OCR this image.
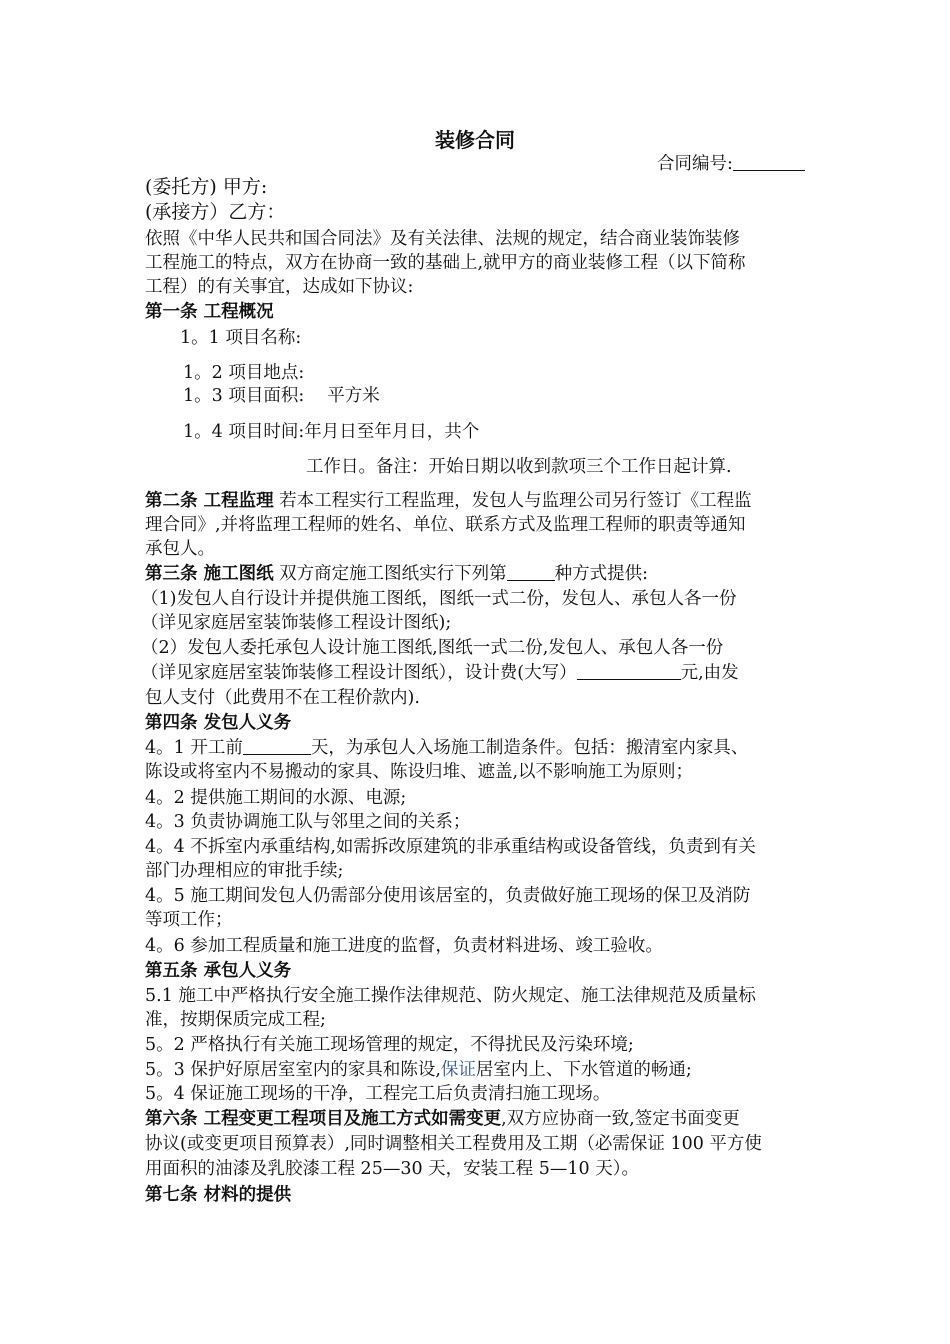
装修合同
合同编号:
(委托方) 甲方:
(承接方）乙方：
依照《中华人民共和国合同法》及有关法律、法规的规定，结合商业装饰装修
工程施工的特点，双方在协商一致的基础上,就甲方的商业装修工程（以下简称
工程）的有关事宜，达成如下协议:
第一条 工程概况
1。1 项目名称:
1。2 项目地点:
1。3 项目面积:　 平方米
1。4 项目时间:年月日至年月日，共个
工作日。备注：开始日期以收到款项三个工作日起计算.
第二条 工程监理 若本工程实行工程监理，发包人与监理公司另行签订《工程监
理合同》,并将监理工程师的姓名、单位、联系方式及监理工程师的职责等通知
承包人。
第三条 施工图纸 双方商定施工图纸实行下列第	种方式提供:
（1)发包人自行设计并提供施工图纸，图纸一式二份，发包人、承包人各一份
（详见家庭居室装饰装修工程设计图纸);
（2）发包人委托承包人设计施工图纸,图纸一式二份,发包人、承包人各一份
（详见家庭居室装饰装修工程设计图纸），设计费(大写）	元,由发
包人支付（此费用不在工程价款内).
第四条 发包人义务
4。1 开工前	天，为承包人入场施工制造条件。包括：搬清室内家具、
陈设或将室内不易搬动的家具、陈设归堆、遮盖,以不影响施工为原则；
4。2 提供施工期间的水源、电源;
4。3 负责协调施工队与邻里之间的关系；
4。4 不拆室内承重结构,如需拆改原建筑的非承重结构或设备管线，负责到有关
部门办理相应的审批手续;
4。5 施工期间发包人仍需部分使用该居室的，负责做好施工现场的保卫及消防
等项工作；
4。6 参加工程质量和施工进度的监督，负责材料进场、竣工验收。
第五条 承包人义务
5.1 施工中严格执行安全施工操作法律规范、防火规定、施工法律规范及质量标
准，按期保质完成工程;
5。2 严格执行有关施工现场管理的规定，不得扰民及污染环境;
5。3 保护好原居室室内的家具和陈设,保证居室内上、下水管道的畅通;
5。4 保证施工现场的干净，工程完工后负责清扫施工现场。
第六条 工程变更工程项目及施工方式如需变更,双方应协商一致,签定书面变更
协议(或变更项目预算表）,同时调整相关工程费用及工期（必需保证 100 平方使
用面积的油漆及乳胶漆工程 25—30 天，安装工程 5—10 天）。
第七条 材料的提供
